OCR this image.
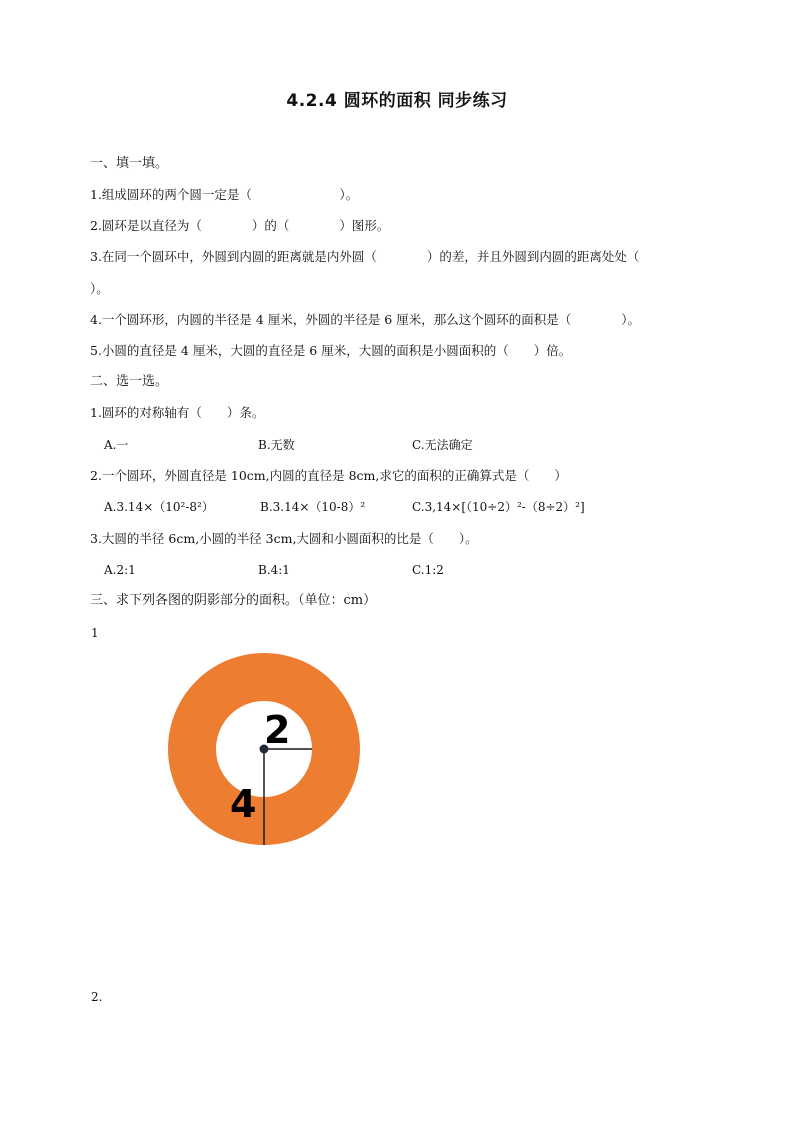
4.2.4 圆环的面积 同步练习
一、填一填。
1.组成圆环的两个圆一定是（　　　　　　　）。
2.圆环是以直径为（　　　　）的（　　　　）图形。
3.在同一个圆环中，外圆到内圆的距离就是内外圆（　　　　）的差，并且外圆到内圆的距离处处（
）。
4.一个圆环形，内圆的半径是 4 厘米，外圆的半径是 6 厘米，那么这个圆环的面积是（　　　　）。
5.小圆的直径是 4 厘米，大圆的直径是 6 厘米，大圆的面积是小圆面积的（　　）倍。
二、选一选。
1.圆环的对称轴有（　　）条。
A.一	B.无数	C.无法确定
2.一个圆环，外圆直径是 10cm,内圆的直径是 8cm,求它的面积的正确算式是（　　）
A.3.14×（10²-8²）	B.3.14×（10-8）²	C.3,14×[（10÷2）²-（8÷2）²]
3.大圆的半径 6cm,小圆的半径 3cm,大圆和小圆面积的比是（　　）。
A.2:1	B.4:1	C.1:2
三、求下列各图的阴影部分的面积。（单位：cm）
1
2
4
2.
